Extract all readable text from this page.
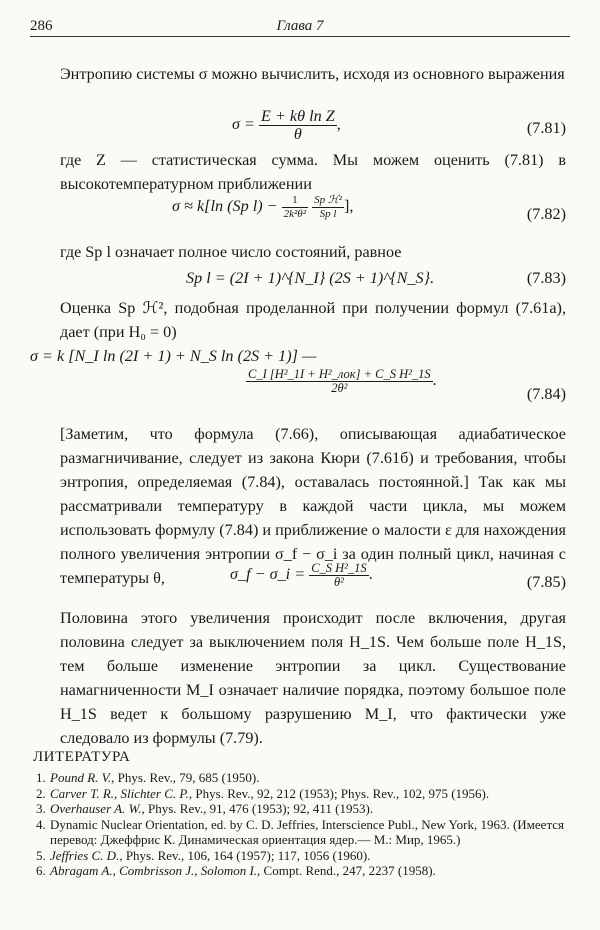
286	Глава 7
Энтропию системы σ можно вычислить, исходя из основного выражения
$\sigma = \frac{\text{E + kθ ln Z}}{\theta}$ ,	(7.81)
где Z — статистическая сумма. Мы можем оценить (7.81) в высокотемпературном приближении
σ ≈ k[ln (Sp $l) - \frac{1}{\text{2k²θ²}}$
$\frac{\text{Sp ℋ²}}{\text{Sp l}}$ ],	(7.82)
где Sp l означает полное число состояний, равное
Sp l = (2I + 1)^{N_I} (2S + 1)^{N_S}.	(7.83)
Оценка Sp ℋ², подобная проделанной при получении формул (7.61а), дает (при H₀ = 0)
σ = k [N_I ln (2I + 1) + N_S ln (2S + 1)] —
$\frac{\text{C\_I [H²\_1I + H²\_лок] + C\_S H²\_1S}}{\text{2θ²}}$ .
(7.84)
[Заметим, что формула (7.66), описывающая адиабатическое размагничивание, следует из закона Кюри (7.61б) и требования, чтобы энтропия, определяемая (7.84), оставалась постоянной.] Так как мы рассматривали температуру в каждой части цикла, мы можем использовать формулу (7.84) и приближение о малости ε для нахождения полного увеличения энтропии σ_f − σ_i за один полный цикл, начиная с температуры θ,	σ_f − σ_i = $\frac{\text{C\_S H²\_1S}}{\text{θ²}}$ .	(7.85)
Половина этого увеличения происходит после включения, другая половина следует за выключением поля H_1S. Чем больше поле H_1S, тем больше изменение энтропии за цикл. Существование намагниченности M_I означает наличие порядка, поэтому большое поле H_1S ведет к большому разрушению M_I, что фактически уже следовало из формулы (7.79).
ЛИТЕРАТУРА
1. Pound R. V., Phys. Rev., 79, 685 (1950).
2. Carver T. R., Slichter C. P., Phys. Rev., 92, 212 (1953); Phys. Rev., 102, 975 (1956).
3. Overhauser A. W., Phys. Rev., 91, 476 (1953); 92, 411 (1953).
4. Dynamic Nuclear Orientation, ed. by C. D. Jeffries, Interscience Publ., New York, 1963. (Имеется перевод: Джеффрис К. Динамическая ориентация ядер.— М.: Мир, 1965.)
5. Jeffries C. D., Phys. Rev., 106, 164 (1957); 117, 1056 (1960).
6. Abragam A., Combrisson J., Solomon I., Compt. Rend., 247, 2237 (1958).
